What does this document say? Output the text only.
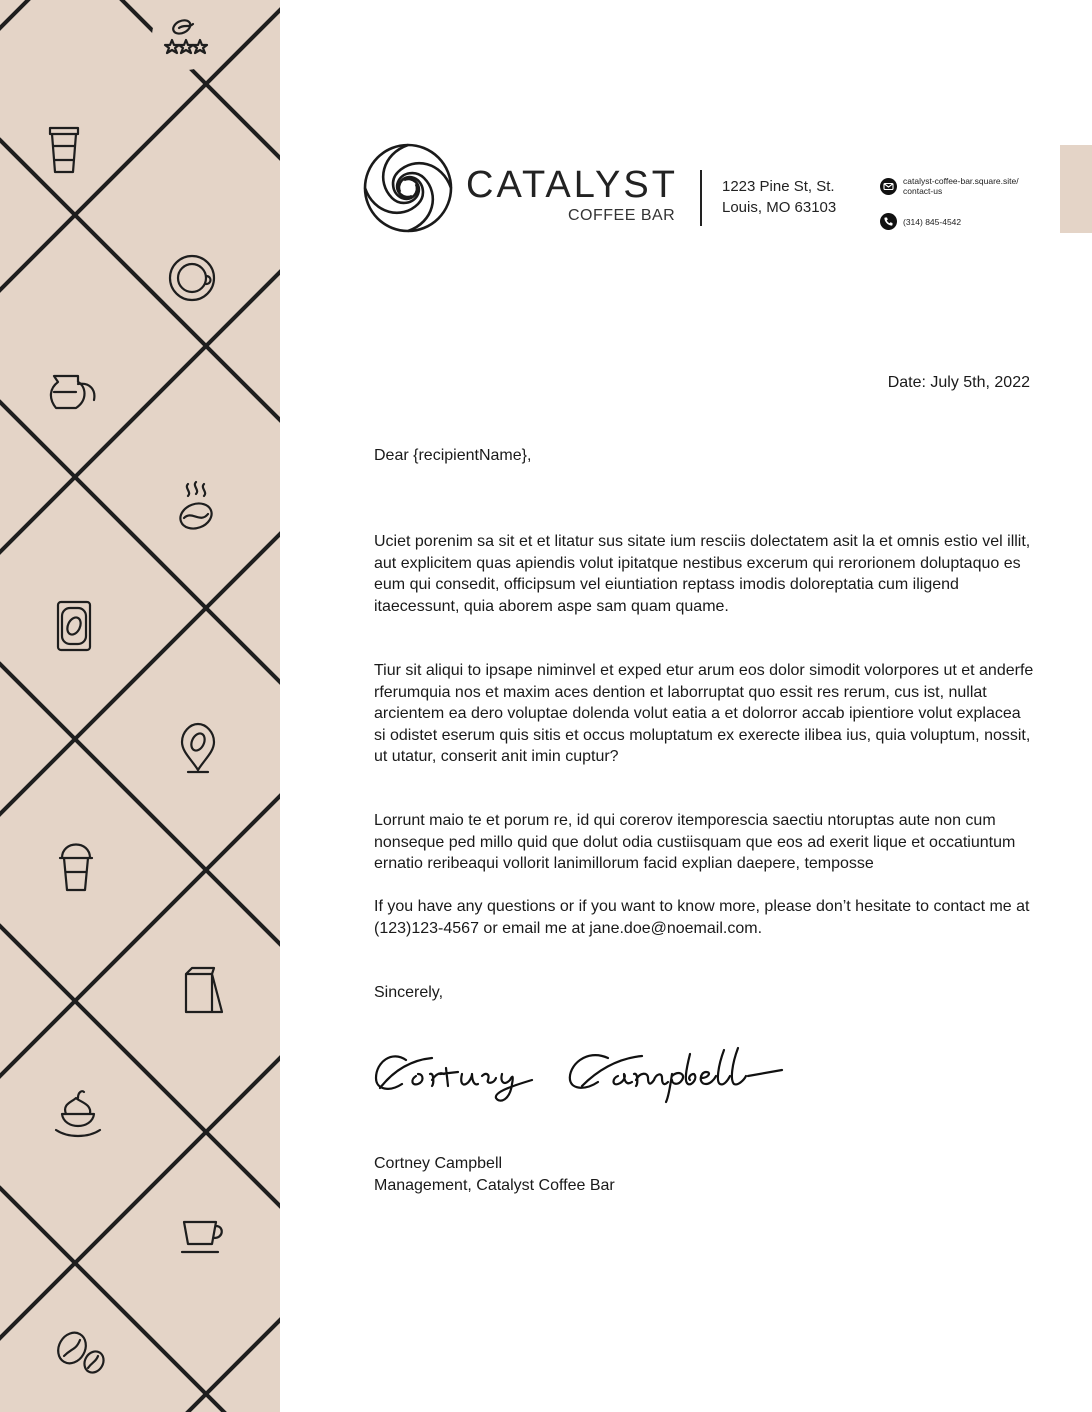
CATALYST
COFFEE BAR
1223 Pine St, St.
Louis, MO 63103
catalyst-coffee-bar.square.site/
contact-us
(314) 845-4542
Date: July 5th, 2022
Dear {recipientName},

Uciet porenim sa sit et et litatur sus sitate ium resciis dolectatem asit la et omnis estio vel illit, aut explicitem quas apiendis volut ipitatque nestibus excerum qui rerorionem doluptaquo es eum qui consedit, officipsum vel eiuntiation reptass imodis doloreptatia cum iligend itaecessunt, quia aborem aspe sam quam quame.

Tiur sit aliqui to ipsape niminvel et exped etur arum eos dolor simodit volorpores ut et anderfe rferumquia nos et maxim aces dention et laborruptat quo essit res rerum, cus ist, nullat arcientem ea dero voluptae dolenda volut eatia a et dolorror accab ipientiore volut explacea si odistet eserum quis sitis et occus moluptatum ex exerecte ilibea ius, quia voluptum, nossit, ut utatur, conserit anit imin cuptur?

Lorrunt maio te et porum re, id qui corerov itemporescia saectiu ntoruptas aute non cum nonseque ped millo quid que dolut odia custiisquam que eos ad exerit lique et occatiuntum ernatio reribeaqui vollorit lanimillorum facid explian daepere, temposse

If you have any questions or if you want to know more, please don’t hesitate to contact me at (123)123-4567 or email me at jane.doe@noemail.com.

Sincerely,
Cortney Campbell
Management, Catalyst Coffee Bar
